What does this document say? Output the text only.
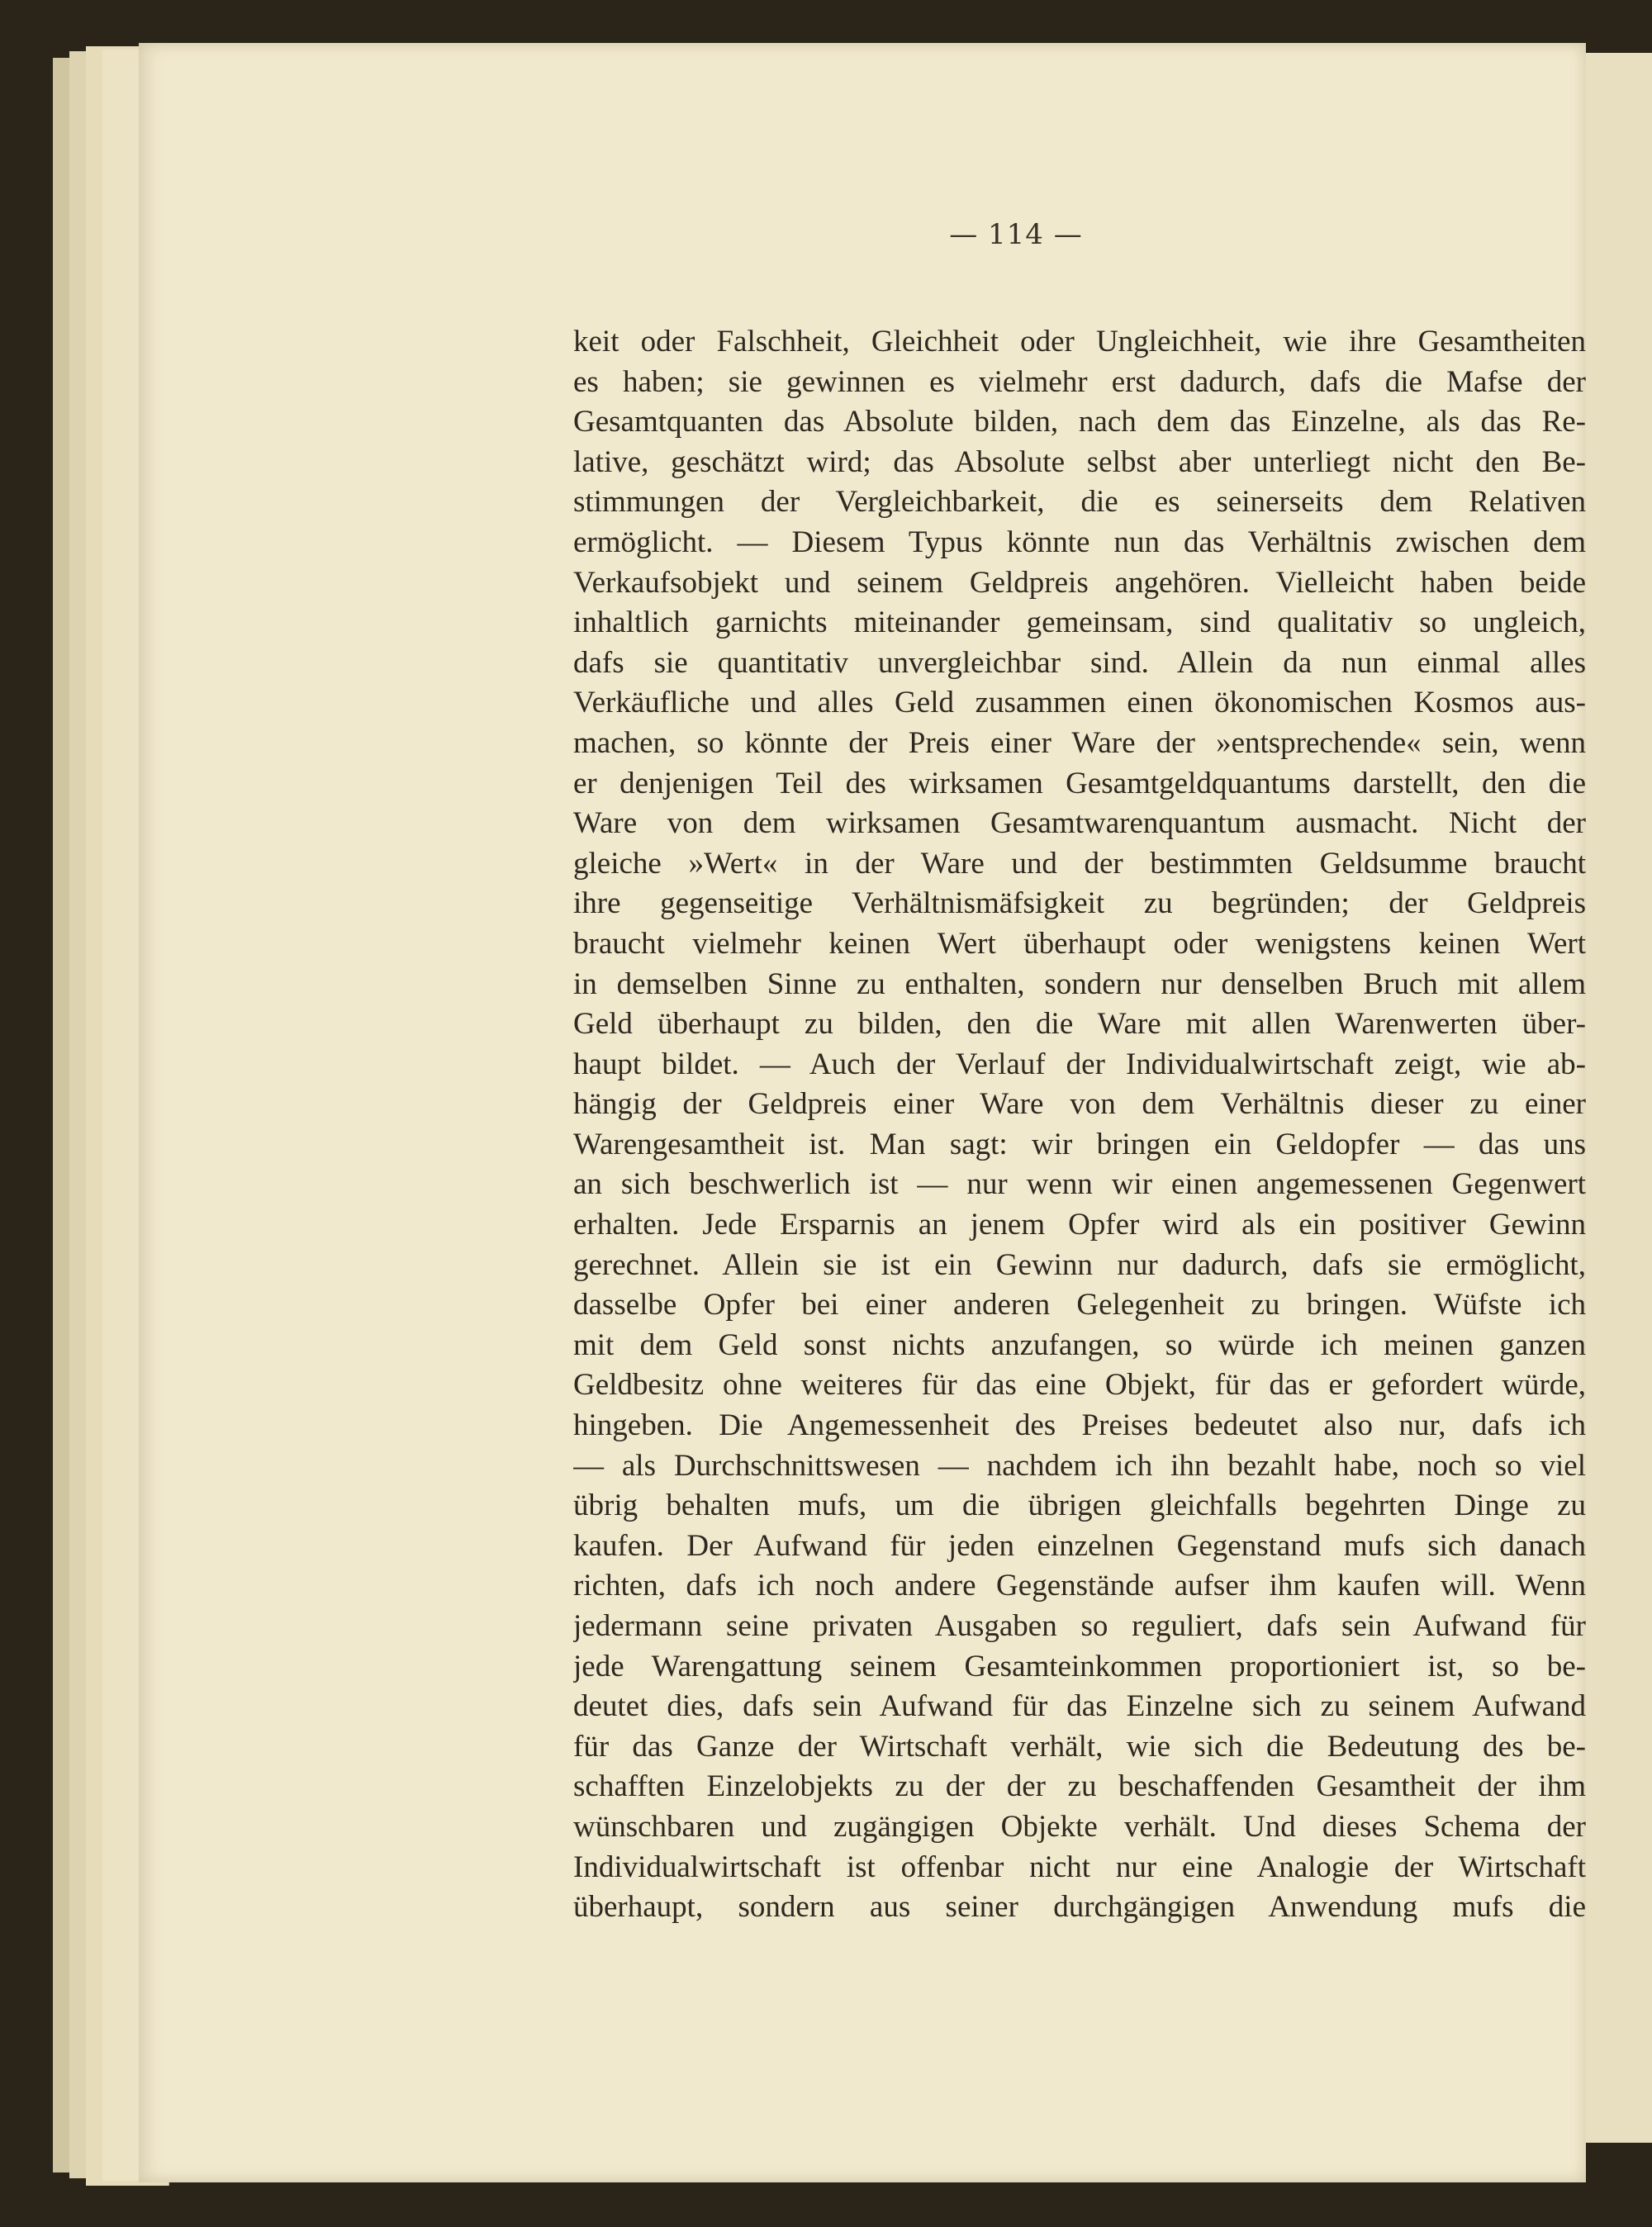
— 114 —
keit oder Falschheit, Gleichheit oder Ungleichheit, wie ihre Gesamtheiten
es haben; sie gewinnen es vielmehr erst dadurch, dafs die Mafse der
Gesamtquanten das Absolute bilden, nach dem das Einzelne, als das Re-
lative, geschätzt wird; das Absolute selbst aber unterliegt nicht den Be-
stimmungen der Vergleichbarkeit, die es seinerseits dem Relativen
ermöglicht. — Diesem Typus könnte nun das Verhältnis zwischen dem
Verkaufsobjekt und seinem Geldpreis angehören. Vielleicht haben beide
inhaltlich garnichts miteinander gemeinsam, sind qualitativ so ungleich,
dafs sie quantitativ unvergleichbar sind. Allein da nun einmal alles
Verkäufliche und alles Geld zusammen einen ökonomischen Kosmos aus-
machen, so könnte der Preis einer Ware der »entsprechende« sein, wenn
er denjenigen Teil des wirksamen Gesamtgeldquantums darstellt, den die
Ware von dem wirksamen Gesamtwarenquantum ausmacht. Nicht der
gleiche »Wert« in der Ware und der bestimmten Geldsumme braucht
ihre gegenseitige Verhältnismäfsigkeit zu begründen; der Geldpreis
braucht vielmehr keinen Wert überhaupt oder wenigstens keinen Wert
in demselben Sinne zu enthalten, sondern nur denselben Bruch mit allem
Geld überhaupt zu bilden, den die Ware mit allen Warenwerten über-
haupt bildet. — Auch der Verlauf der Individualwirtschaft zeigt, wie ab-
hängig der Geldpreis einer Ware von dem Verhältnis dieser zu einer
Warengesamtheit ist. Man sagt: wir bringen ein Geldopfer — das uns
an sich beschwerlich ist — nur wenn wir einen angemessenen Gegenwert
erhalten. Jede Ersparnis an jenem Opfer wird als ein positiver Gewinn
gerechnet. Allein sie ist ein Gewinn nur dadurch, dafs sie ermöglicht,
dasselbe Opfer bei einer anderen Gelegenheit zu bringen. Wüfste ich
mit dem Geld sonst nichts anzufangen, so würde ich meinen ganzen
Geldbesitz ohne weiteres für das eine Objekt, für das er gefordert würde,
hingeben. Die Angemessenheit des Preises bedeutet also nur, dafs ich
— als Durchschnittswesen — nachdem ich ihn bezahlt habe, noch so viel
übrig behalten mufs, um die übrigen gleichfalls begehrten Dinge zu
kaufen. Der Aufwand für jeden einzelnen Gegenstand mufs sich danach
richten, dafs ich noch andere Gegenstände aufser ihm kaufen will. Wenn
jedermann seine privaten Ausgaben so reguliert, dafs sein Aufwand für
jede Warengattung seinem Gesamteinkommen proportioniert ist, so be-
deutet dies, dafs sein Aufwand für das Einzelne sich zu seinem Aufwand
für das Ganze der Wirtschaft verhält, wie sich die Bedeutung des be-
schafften Einzelobjekts zu der der zu beschaffenden Gesamtheit der ihm
wünschbaren und zugängigen Objekte verhält. Und dieses Schema der
Individualwirtschaft ist offenbar nicht nur eine Analogie der Wirtschaft
überhaupt, sondern aus seiner durchgängigen Anwendung mufs die
